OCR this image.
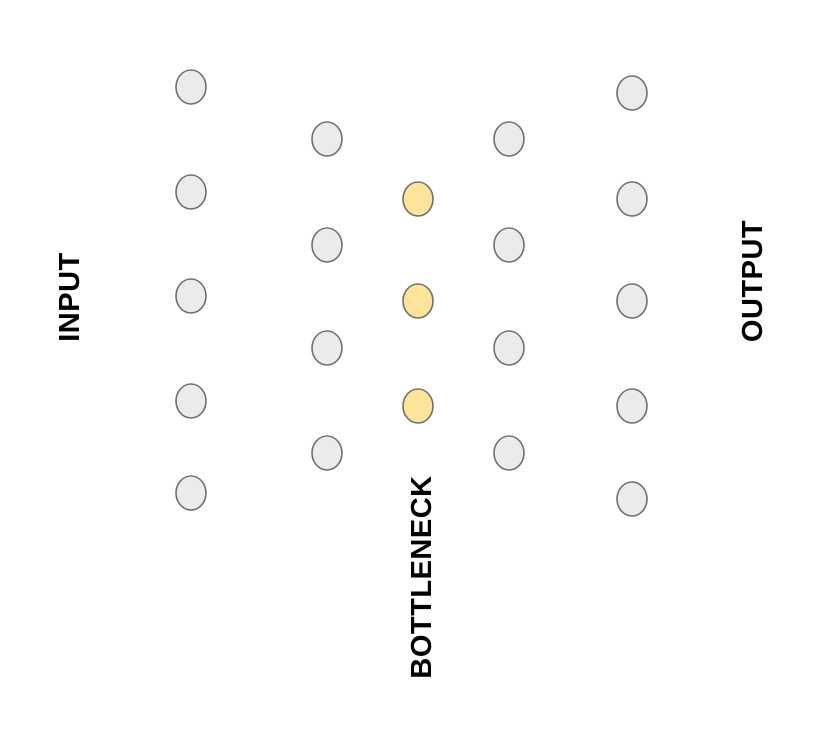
INPUT
BOTTLENECK
OUTPUT
